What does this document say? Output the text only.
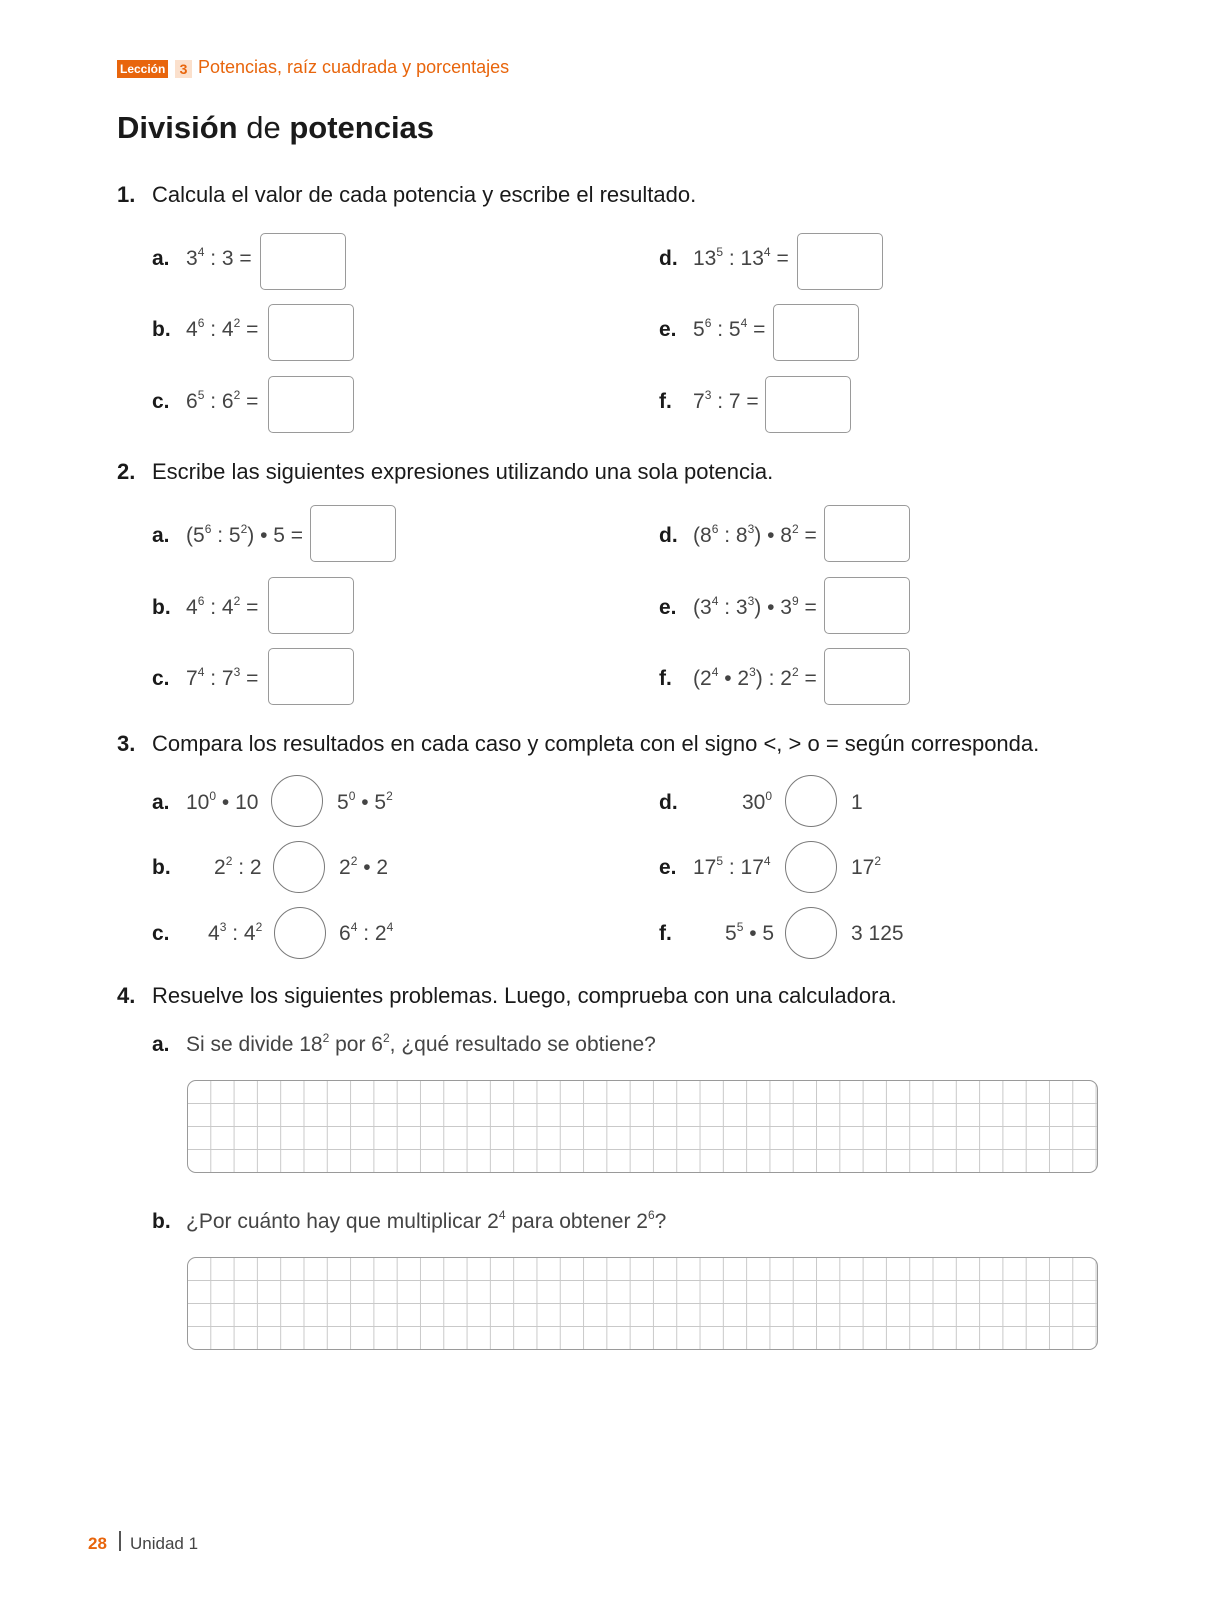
Lección	3 Potencias, raíz cuadrada y porcentajes
División de potencias
1. Calcula el valor de cada potencia y escribe el resultado.
a. $3^4$ : 3 =
b. $4^6$ : $4^2$ =
c. $6^5$ : $6^2$ =
d. $13^5$ : $13^4$ =
e. $5^6$ : $5^4$ =
f. $7^3$ : 7 =
2. Escribe las siguientes expresiones utilizando una sola potencia.
a. ($5^6$ : $5^2$) • 5 =
b. $4^6$ : $4^2$ =
c. $7^4$ : $7^3$ =
d. ($8^6$ : $8^3$) • $8^2$ =
e. ($3^4$ : $3^3$) • $3^9$ =
f. ($2^4$ • $2^3$) : $2^2$ =
3. Compara los resultados en cada caso y completa con el signo <, > o = según corresponda.
a. $10^0$ • 10	$5^0$ • $5^2$
b. $2^2$ : 2	$2^2$ • 2
c. $4^3$ : $4^2$	$6^4$ : $2^4$
d.	$30^0$	1
e. $17^5$ : $17^4$	$17^2$
f.	$5^5$ • 5	3 125
4. Resuelve los siguientes problemas. Luego, comprueba con una calculadora.
a. Si se divide $18^2$ por $6^2$, ¿qué resultado se obtiene?
b. ¿Por cuánto hay que multiplicar $2^4$ para obtener $2^6$?
28 Unidad 1
